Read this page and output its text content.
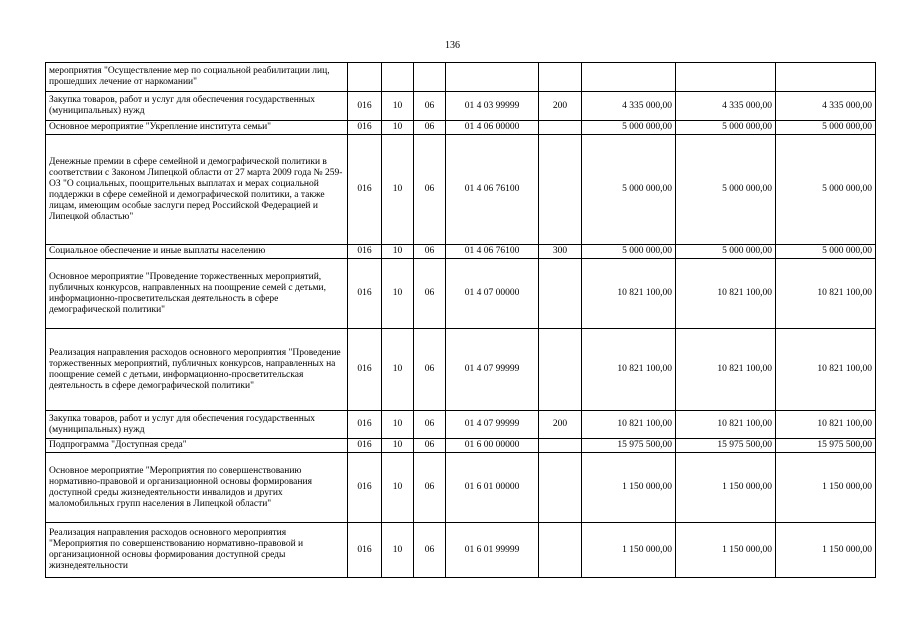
136
мероприятия "Осуществление мер по социальной реабилитации лиц, прошедших лечение от наркомании"								
Закупка товаров, работ и услуг для обеспечения государственных (муниципальных) нужд	016	10	06	01 4 03 99999	200	4 335 000,00	4 335 000,00	4 335 000,00
Основное мероприятие "Укрепление института семьи"	016	10	06	01 4 06 00000		5 000 000,00	5 000 000,00	5 000 000,00
Денежные премии в сфере семейной и демографической политики в соответствии с Законом Липецкой области от 27 марта 2009 года № 259-ОЗ "О социальных, поощрительных выплатах и мерах социальной поддержки в сфере семейной и демографической политики, а также лицам, имеющим особые заслуги перед Российской Федерацией и Липецкой областью"	016	10	06	01 4 06 76100		5 000 000,00	5 000 000,00	5 000 000,00
Социальное обеспечение и иные выплаты населению	016	10	06	01 4 06 76100	300	5 000 000,00	5 000 000,00	5 000 000,00
Основное мероприятие "Проведение торжественных мероприятий, публичных конкурсов, направленных на поощрение семей с детьми, информационно-просветительская деятельность в сфере демографической политики"	016	10	06	01 4 07 00000		10 821 100,00	10 821 100,00	10 821 100,00
Реализация направления расходов основного мероприятия "Проведение торжественных мероприятий, публичных конкурсов, направленных на поощрение семей с детьми, информационно-просветительская деятельность в сфере демографической политики"	016	10	06	01 4 07 99999		10 821 100,00	10 821 100,00	10 821 100,00
Закупка товаров, работ и услуг для обеспечения государственных (муниципальных) нужд	016	10	06	01 4 07 99999	200	10 821 100,00	10 821 100,00	10 821 100,00
Подпрограмма "Доступная среда"	016	10	06	01 6 00 00000		15 975 500,00	15 975 500,00	15 975 500,00
Основное мероприятие "Мероприятия по совершенствованию нормативно-правовой и организационной основы формирования доступной среды жизнедеятельности инвалидов и других маломобильных групп населения в Липецкой области"	016	10	06	01 6 01 00000		1 150 000,00	1 150 000,00	1 150 000,00
Реализация направления расходов основного мероприятия "Мероприятия по совершенствованию нормативно-правовой и организационной основы формирования доступной среды жизнедеятельности	016	10	06	01 6 01 99999		1 150 000,00	1 150 000,00	1 150 000,00
